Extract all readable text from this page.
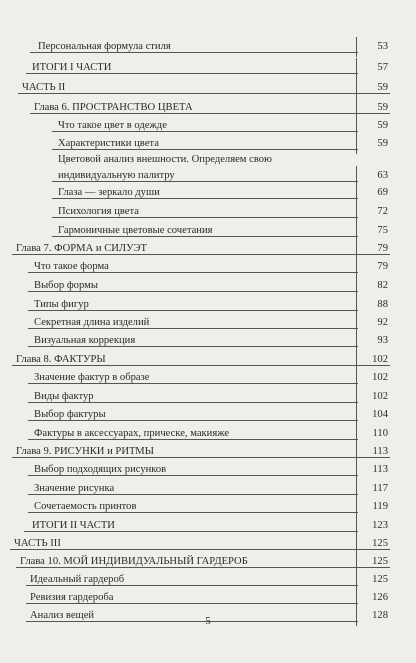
Персональная формула стиля	53
ИТОГИ I ЧАСТИ	57
ЧАСТЬ II	59
Глава 6. ПРОСТРАНСТВО ЦВЕТА	59
Что такое цвет в одежде	59
Характеристики цвета	59
Цветовой анализ внешности. Определяем свою
индивидуальную палитру	63
Глаза — зеркало души	69
Психология цвета	72
Гармоничные цветовые сочетания	75
Глава 7. ФОРМА и СИЛУЭТ	79
Что такое форма	79
Выбор формы	82
Типы фигур	88
Секретная длина изделий	92
Визуальная коррекция	93
Глава 8. ФАКТУРЫ	102
Значение фактур в образе	102
Виды фактур	102
Выбор фактуры	104
Фактуры в аксессуарах, прическе, макияже	110
Глава 9. РИСУНКИ и РИТМЫ	113
Выбор подходящих рисунков	113
Значение рисунка	117
Сочетаемость принтов	119
ИТОГИ II ЧАСТИ	123
ЧАСТЬ III	125
Глава 10. МОЙ ИНДИВИДУАЛЬНЫЙ ГАРДЕРОБ	125
Идеальный гардероб	125
Ревизия гардероба	126
Анализ вещей	128
5
